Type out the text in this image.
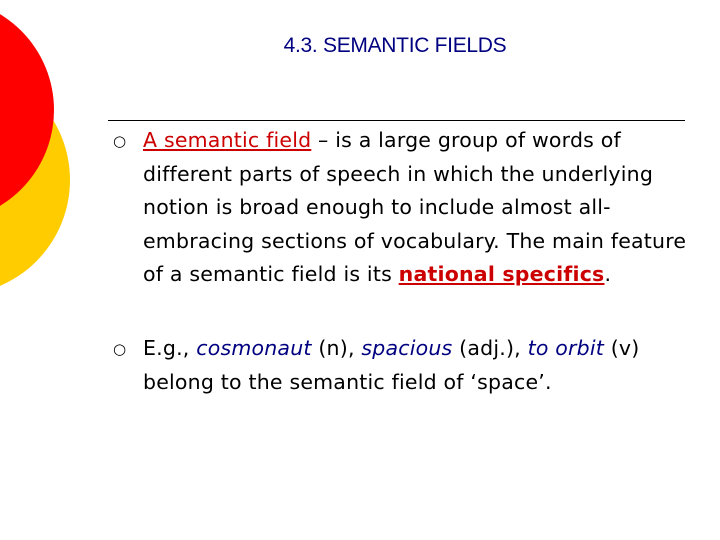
4.3. SEMANTIC FIELDS
○ A semantic field – is a large group of words of different parts of speech in which the underlying notion is broad enough to include almost all-embracing sections of vocabulary. The main feature of a semantic field is its national specifics.
○ E.g., cosmonaut (n), spacious (adj.), to orbit (v) belong to the semantic field of ‘space’.
